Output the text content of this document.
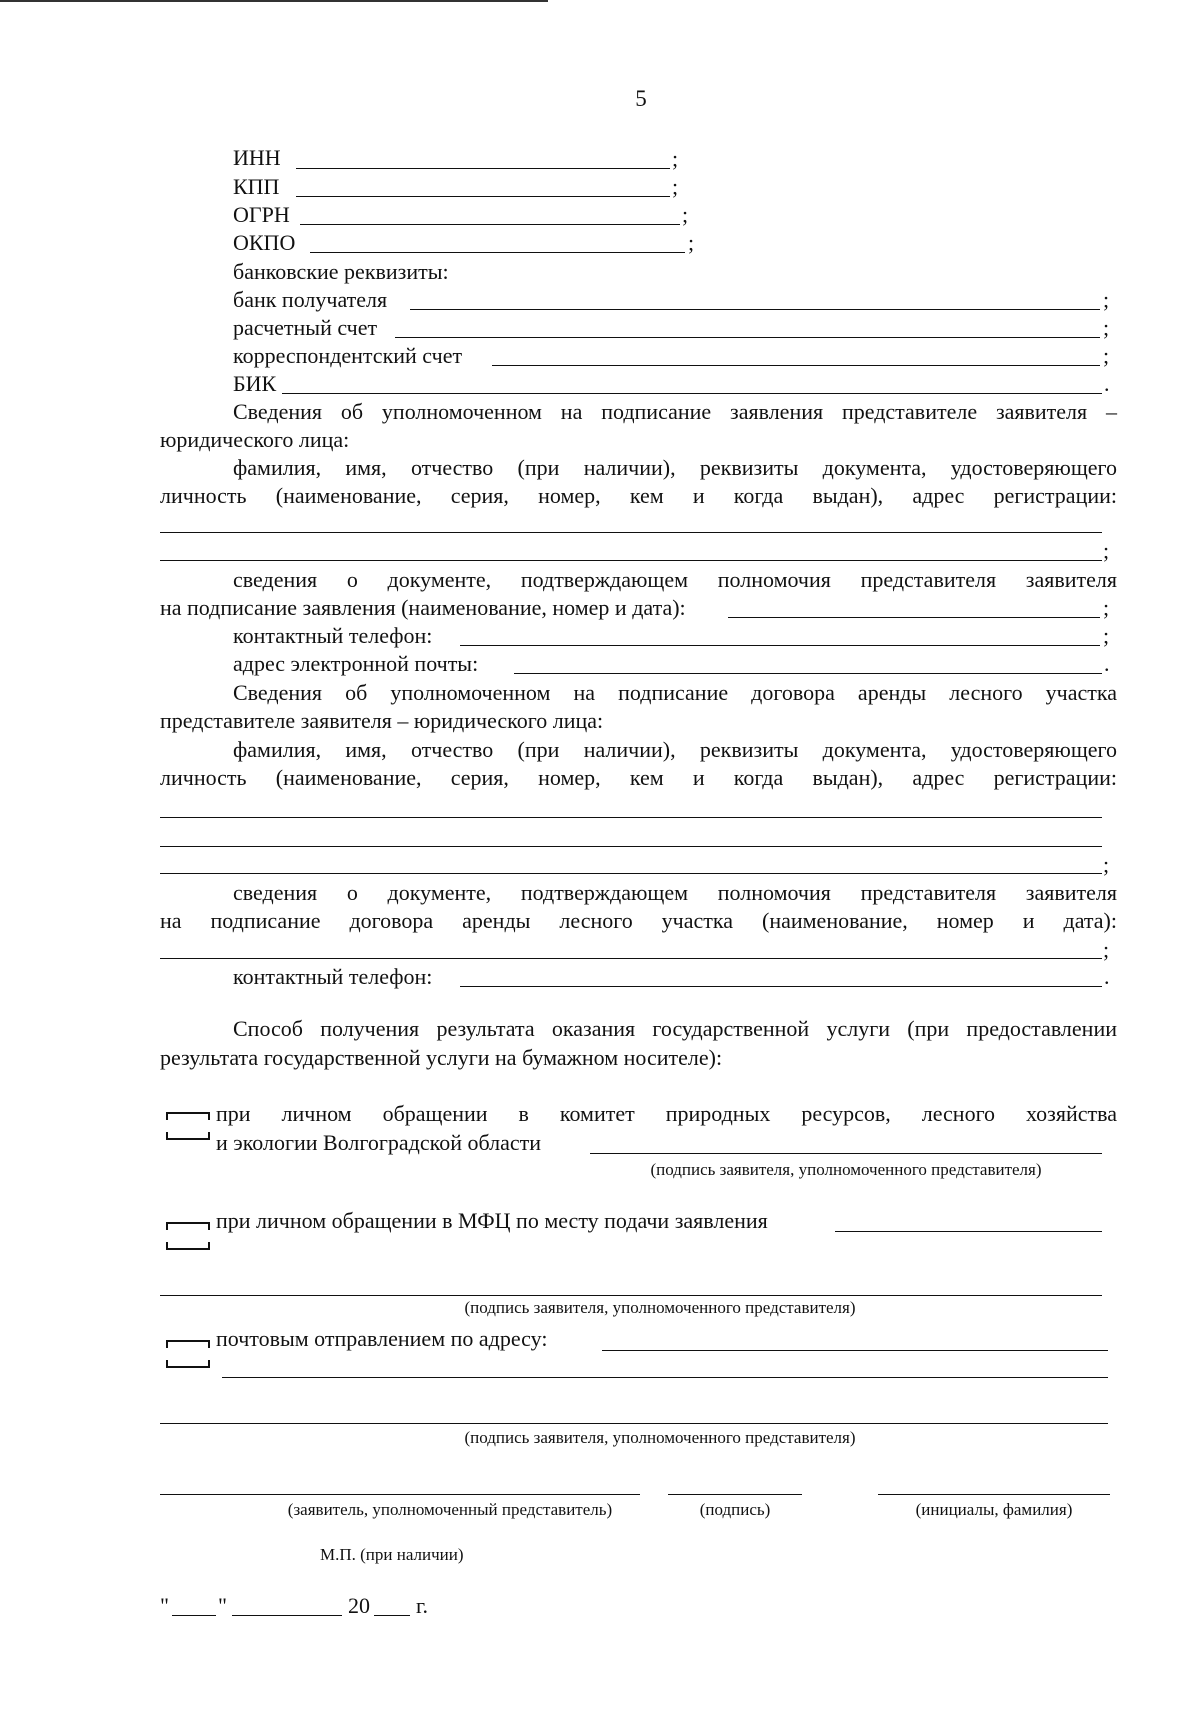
5
ИНН	;
КПП	;
ОГРН	;
ОКПО	;
банковские реквизиты:
банк получателя	;
расчетный счет	;
корреспондентский счет	;
БИК	.
Сведения об уполномоченном на подписание заявления представителе заявителя –
юридического лица:
фамилия, имя, отчество (при наличии), реквизиты документа, удостоверяющего
личность (наименование, серия, номер, кем и когда выдан), адрес регистрации:
;
сведения о документе, подтверждающем полномочия представителя заявителя
на подписание заявления (наименование, номер и дата):	;
контактный телефон:	;
адрес электронной почты:	.
Сведения об уполномоченном на подписание договора аренды лесного участка
представителе заявителя – юридического лица:
фамилия, имя, отчество (при наличии), реквизиты документа, удостоверяющего
личность (наименование, серия, номер, кем и когда выдан), адрес регистрации:
;
сведения о документе, подтверждающем полномочия представителя заявителя
на подписание договора аренды лесного участка (наименование, номер и дата):
;
контактный телефон:	.
Способ получения результата оказания государственной услуги (при предоставлении
результата государственной услуги на бумажном носителе):
при личном обращении в комитет природных ресурсов, лесного хозяйства
и экологии Волгоградской области
(подпись заявителя, уполномоченного представителя)
при личном обращении в МФЦ по месту подачи заявления
(подпись заявителя, уполномоченного представителя)
почтовым отправлением по адресу:
(подпись заявителя, уполномоченного представителя)
(заявитель, уполномоченный представитель)	(подпись)	(инициалы, фамилия)
М.П. (при наличии)
" "	20 г.
